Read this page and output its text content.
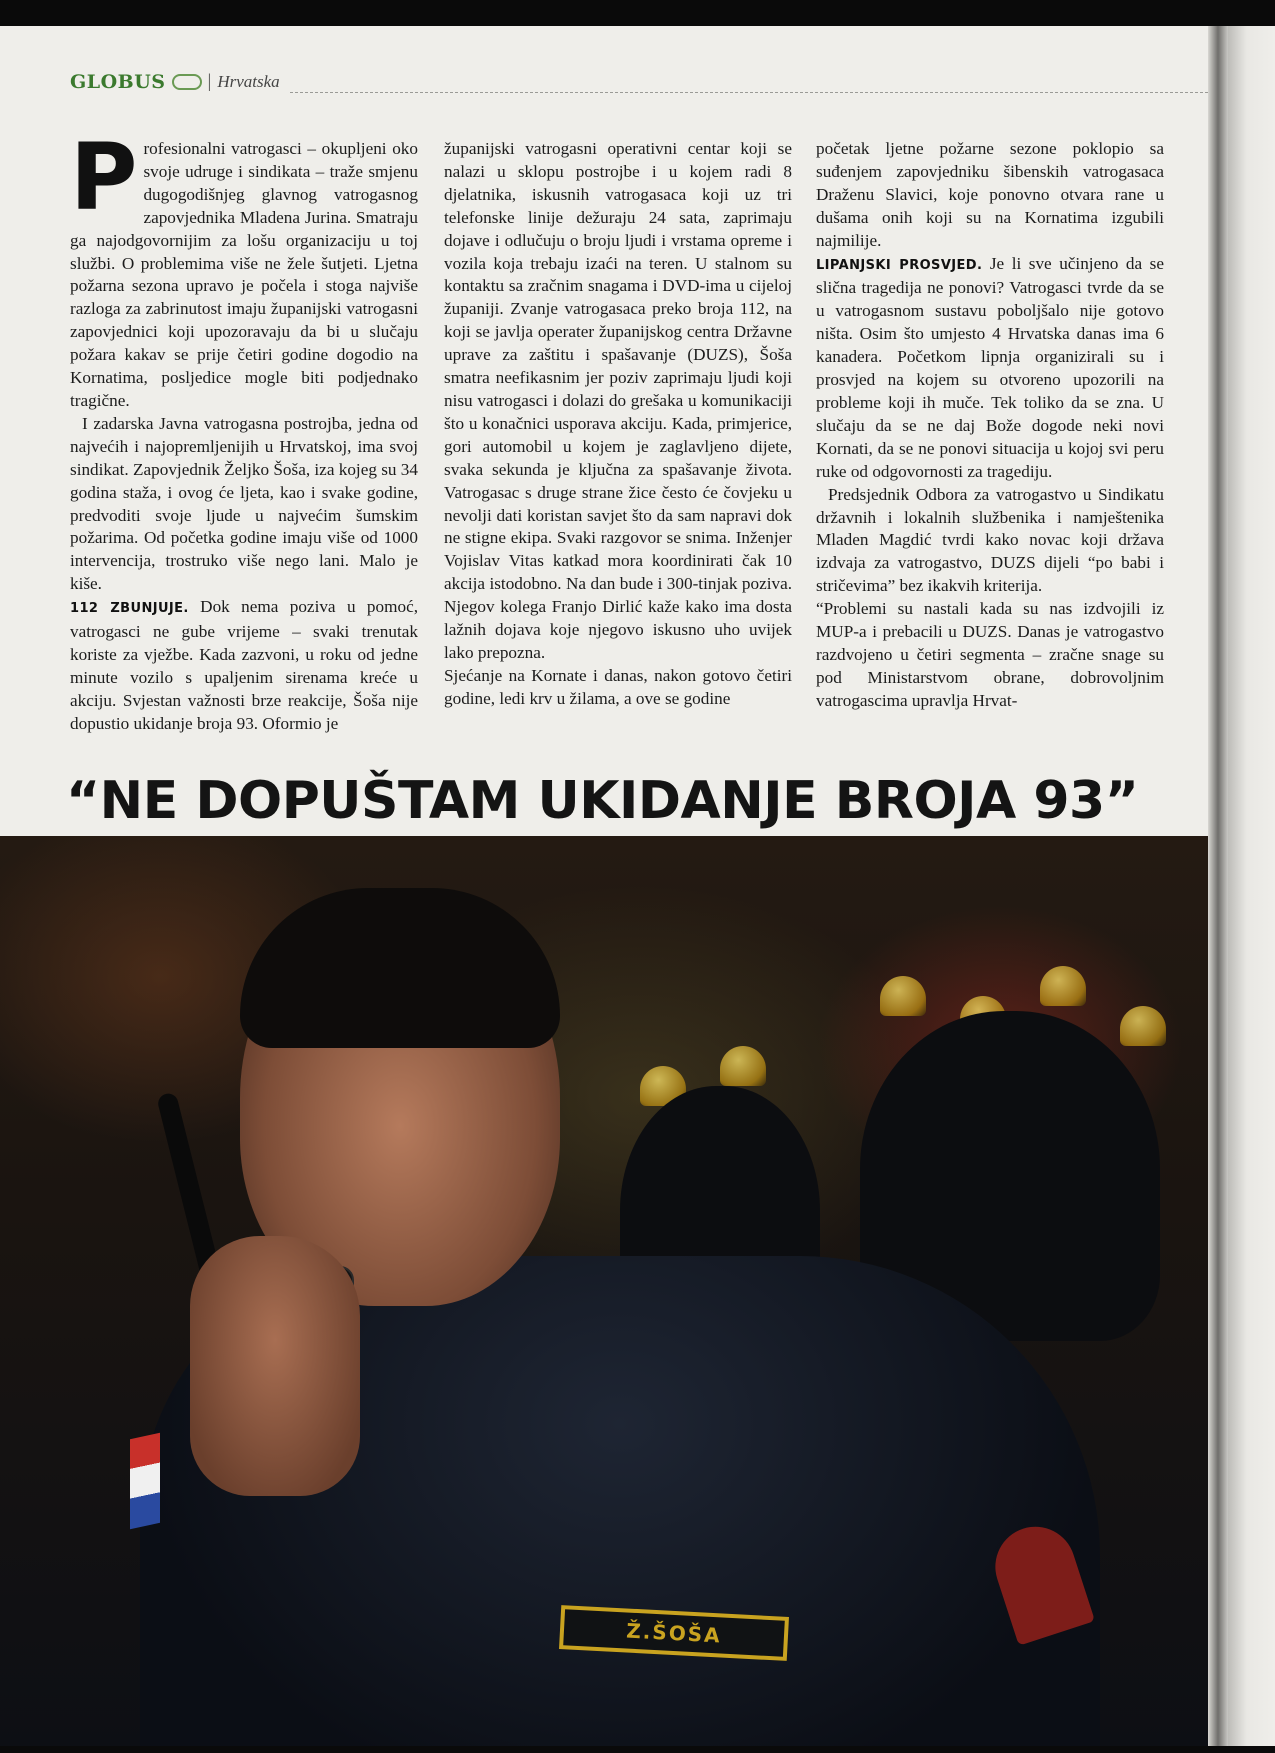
GLOBUS | Hrvatska

Profesionalni vatrogasci – okupljeni oko svoje udruge i sindikata – traže smjenu dugogodišnjeg glavnog vatrogasnog zapovjednika Mladena Jurina. Smatraju ga najodgovornijim za lošu organizaciju u toj službi. O problemima više ne žele šutjeti. Ljetna požarna sezona upravo je počela i stoga najviše razloga za zabrinutost imaju županijski vatrogasni zapovjednici koji upozoravaju da bi u slučaju požara kakav se prije četiri godine dogodio na Kornatima, posljedice mogle biti podjednako tragične.

I zadarska Javna vatrogasna postrojba, jedna od najvećih i najopremljenijih u Hrvatskoj, ima svoj sindikat. Zapovjednik Željko Šoša, iza kojeg su 34 godina staža, i ovog će ljeta, kao i svake godine, predvoditi svoje ljude u najvećim šumskim požarima. Od početka godine imaju više od 1000 intervencija, trostruko više nego lani. Malo je kiše.

112 ZBUNJUJE. Dok nema poziva u pomoć, vatrogasci ne gube vrijeme – svaki trenutak koriste za vježbe. Kada zazvoni, u roku od jedne minute vozilo s upaljenim sirenama kreće u akciju. Svjestan važnosti brze reakcije, Šoša nije dopustio ukidanje broja 93. Oformio je

županijski vatrogasni operativni centar koji se nalazi u sklopu postrojbe i u kojem radi 8 djelatnika, iskusnih vatrogasaca koji uz tri telefonske linije dežuraju 24 sata, zaprimaju dojave i odlučuju o broju ljudi i vrstama opreme i vozila koja trebaju izaći na teren. U stalnom su kontaktu sa zračnim snagama i DVD-ima u cijeloj županiji. Zvanje vatrogasaca preko broja 112, na koji se javlja operater županijskog centra Državne uprave za zaštitu i spašavanje (DUZS), Šoša smatra neefikasnim jer poziv zaprimaju ljudi koji nisu vatrogasci i dolazi do grešaka u komunikaciji što u konačnici usporava akciju. Kada, primjerice, gori automobil u kojem je zaglavljeno dijete, svaka sekunda je ključna za spašavanje života. Vatrogasac s druge strane žice često će čovjeku u nevolji dati koristan savjet što da sam napravi dok ne stigne ekipa. Svaki razgovor se snima. Inženjer Vojislav Vitas katkad mora koordinirati čak 10 akcija istodobno. Na dan bude i 300-tinjak poziva. Njegov kolega Franjo Dirlić kaže kako ima dosta lažnih dojava koje njegovo iskusno uho uvijek lako prepozna.

Sjećanje na Kornate i danas, nakon gotovo četiri godine, ledi krv u žilama, a ove se godine

početak ljetne požarne sezone poklopio sa suđenjem zapovjedniku šibenskih vatrogasaca Draženu Slavici, koje ponovno otvara rane u dušama onih koji su na Kornatima izgubili najmilije.

LIPANJSKI PROSVJED. Je li sve učinjeno da se slična tragedija ne ponovi? Vatrogasci tvrde da se u vatrogasnom sustavu poboljšalo nije gotovo ništa. Osim što umjesto 4 Hrvatska danas ima 6 kanadera. Početkom lipnja organizirali su i prosvjed na kojem su otvoreno upozorili na probleme koji ih muče. Tek toliko da se zna. U slučaju da se ne daj Bože dogode neki novi Kornati, da se ne ponovi situacija u kojoj svi peru ruke od odgovornosti za tragediju.

Predsjednik Odbora za vatrogastvo u Sindikatu državnih i lokalnih službenika i namještenika Mladen Magdić tvrdi kako novac koji država izdvaja za vatrogastvo, DUZS dijeli “po babi i stričevima” bez ikakvih kriterija.

“Problemi su nastali kada su nas izdvojili iz MUP-a i prebacili u DUZS. Danas je vatrogastvo razdvojeno u četiri segmenta – zračne snage su pod Ministarstvom obrane, dobrovoljnim vatrogascima upravlja Hrvat-

“NE DOPUŠTAM UKIDANJE BROJA 93”
Ž.ŠOŠA
